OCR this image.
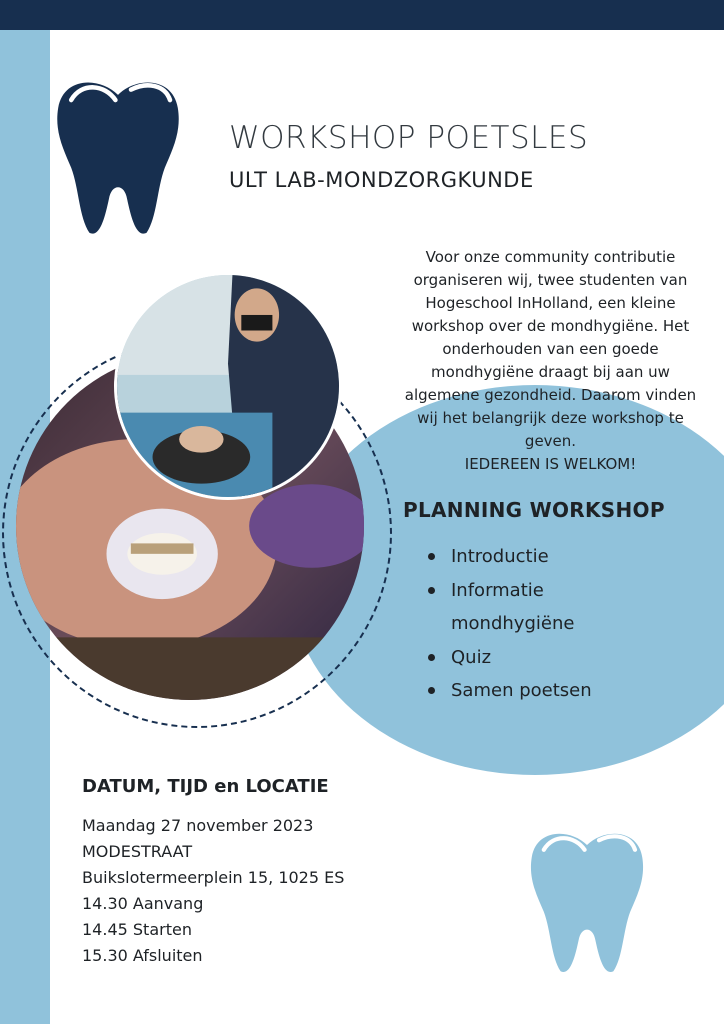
WORKSHOP POETSLES
ULT LAB-MONDZORGKUNDE

Voor onze community contributie organiseren wij, twee studenten van Hogeschool InHolland, een kleine workshop over de mondhygiëne. Het onderhouden van een goede mondhygiëne draagt bij aan uw algemene gezondheid. Daarom vinden wij het belangrijk deze workshop te geven.

IEDEREEN IS WELKOM!

PLANNING WORKSHOP
Introductie
Informatie mondhygiëne
Quiz
Samen poetsen
DATUM, TIJD en LOCATIE
Maandag 27 november 2023
MODESTRAAT
Buikslotermeerplein 15, 1025 ES
14.30 Aanvang
14.45 Starten
15.30 Afsluiten
